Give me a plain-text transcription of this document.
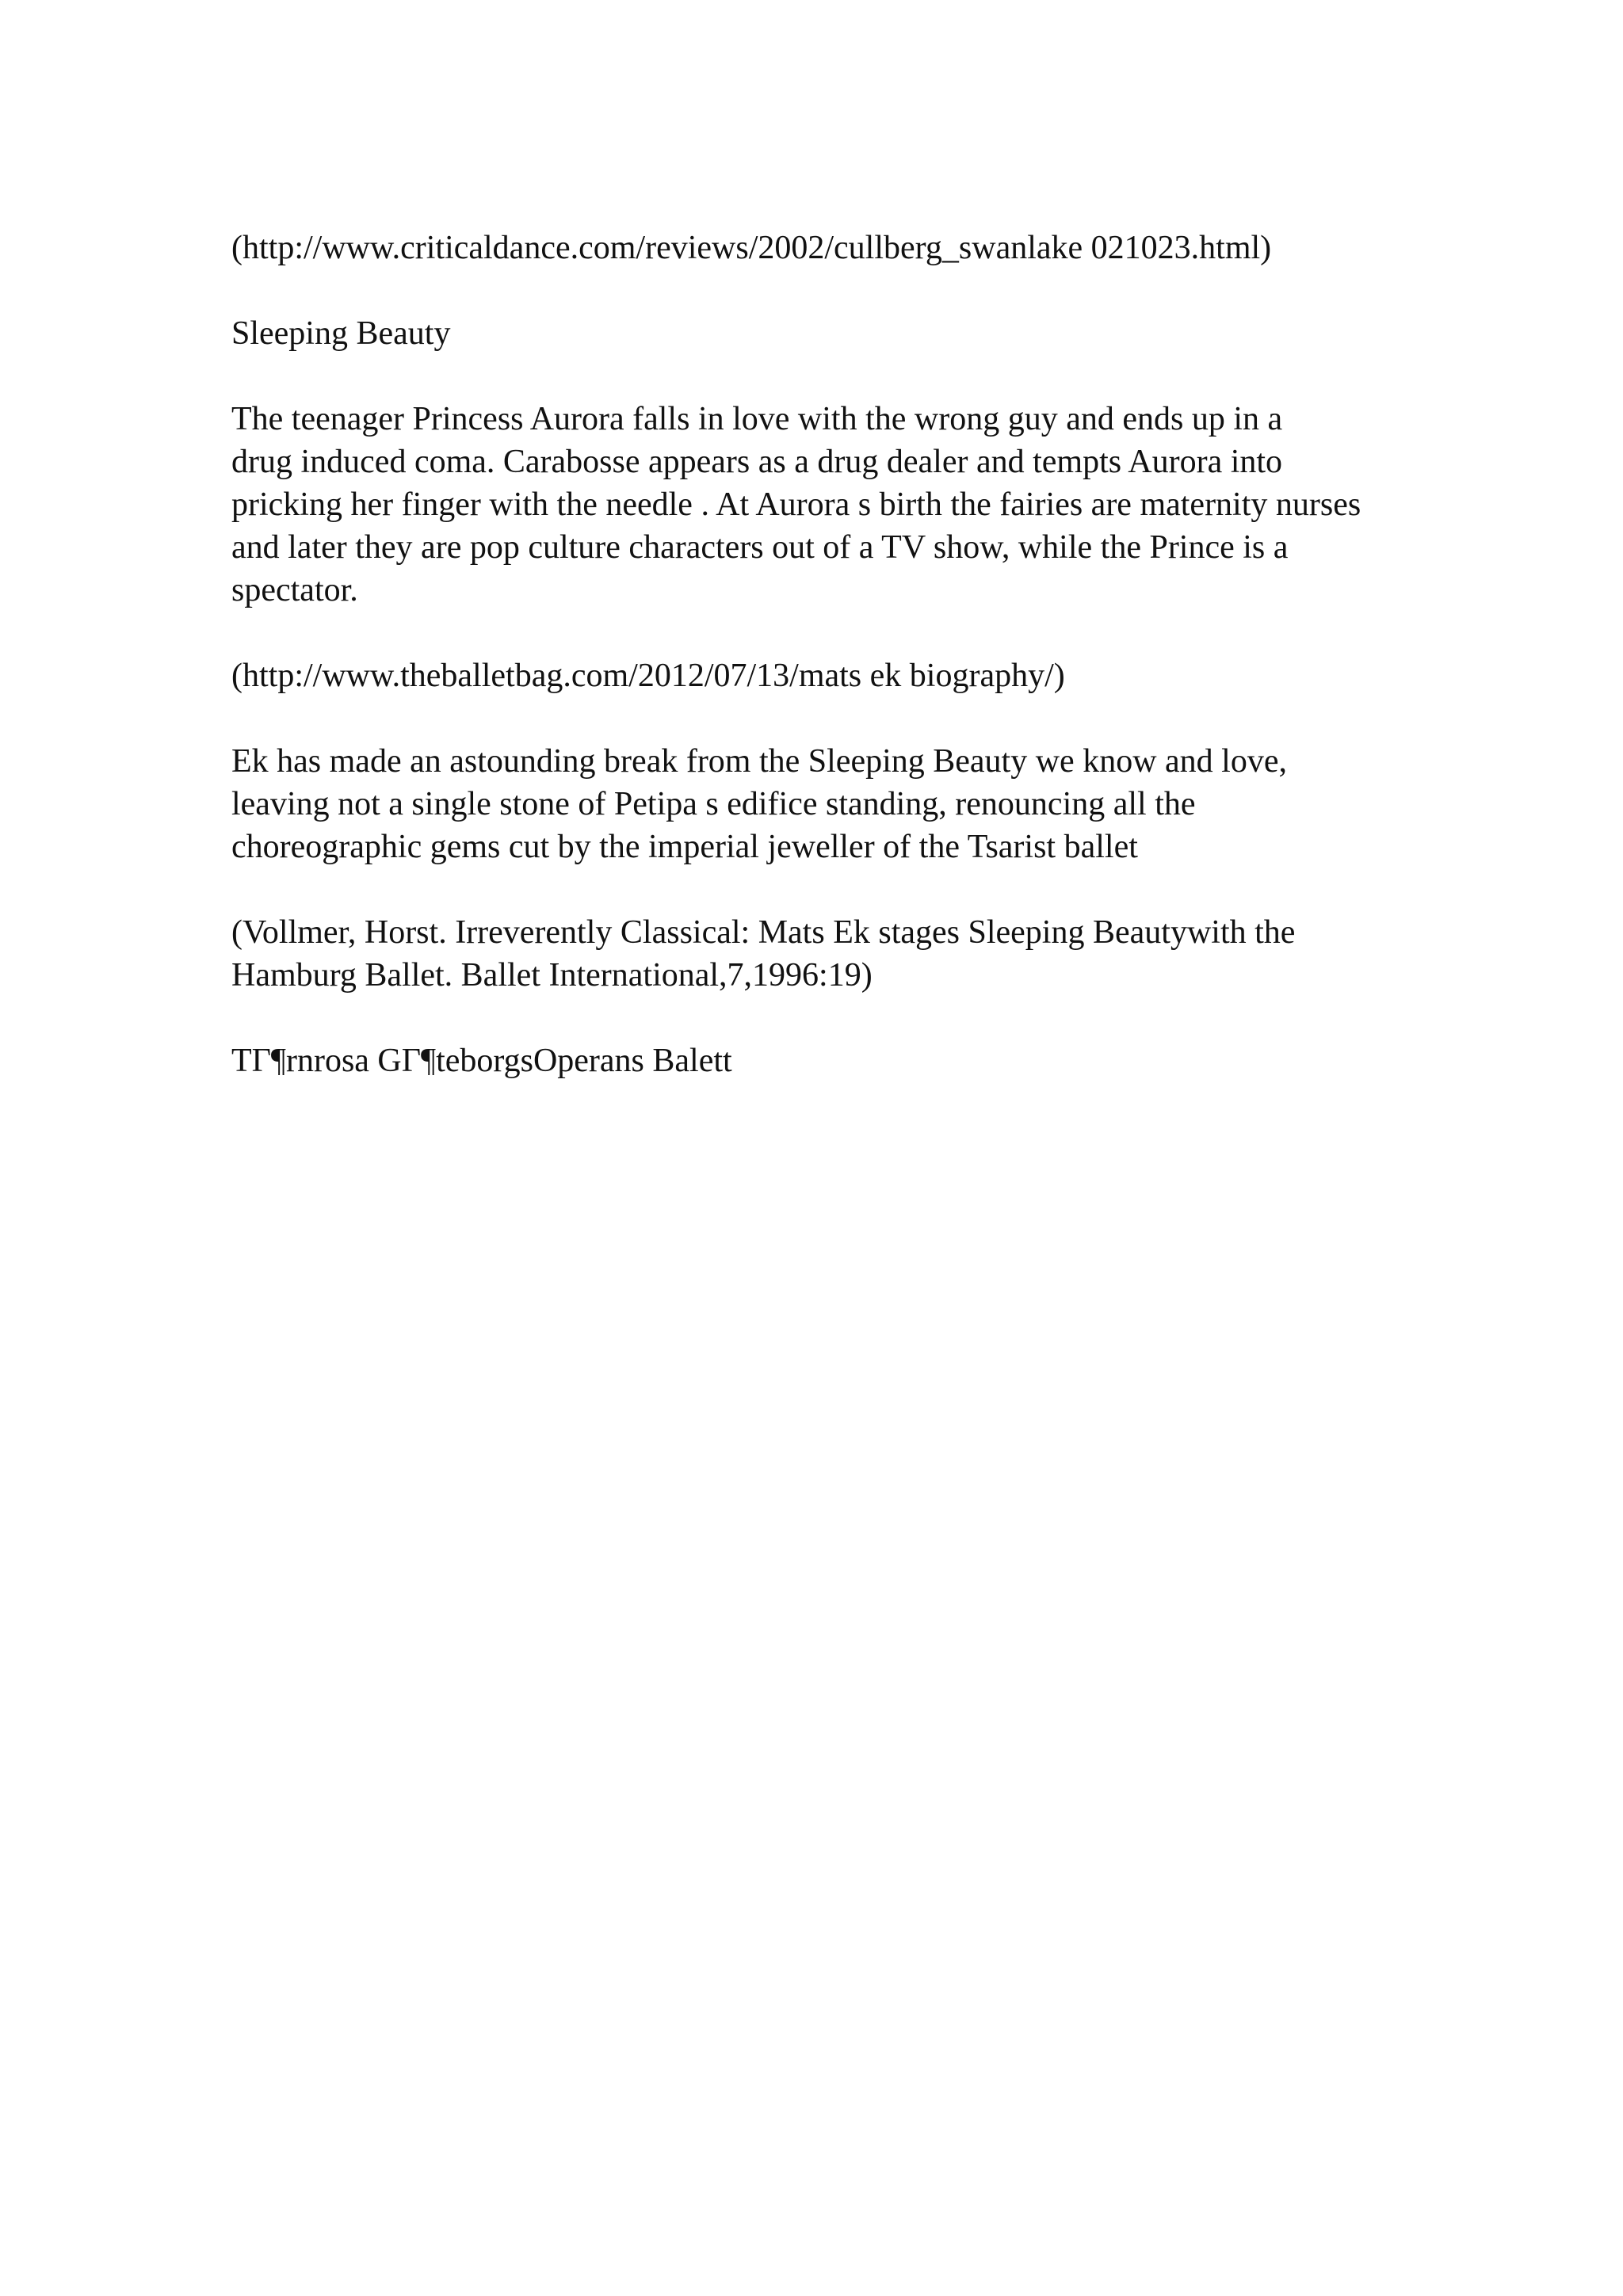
(http://www.criticaldance.com/reviews/2002/cullberg_swanlake 021023.html)

Sleeping Beauty

The teenager Princess Aurora falls in love with the wrong guy and ends up in a
drug induced coma. Carabosse appears as a drug dealer and tempts Aurora into
pricking her finger with the needle . At Aurora s birth the fairies are maternity nurses
and later they are pop culture characters out of a TV show, while the Prince is a
spectator.

(http://www.theballetbag.com/2012/07/13/mats ek biography/)

Ek has made an astounding break from the Sleeping Beauty we know and love,
leaving not a single stone of Petipa s edifice standing, renouncing all the
choreographic gems cut by the imperial jeweller of the Tsarist ballet

(Vollmer, Horst. Irreverently Classical: Mats Ek stages Sleeping Beautywith the
Hamburg Ballet. Ballet International,7,1996:19)

TГ¶rnrosa GГ¶teborgsOperans Balett
